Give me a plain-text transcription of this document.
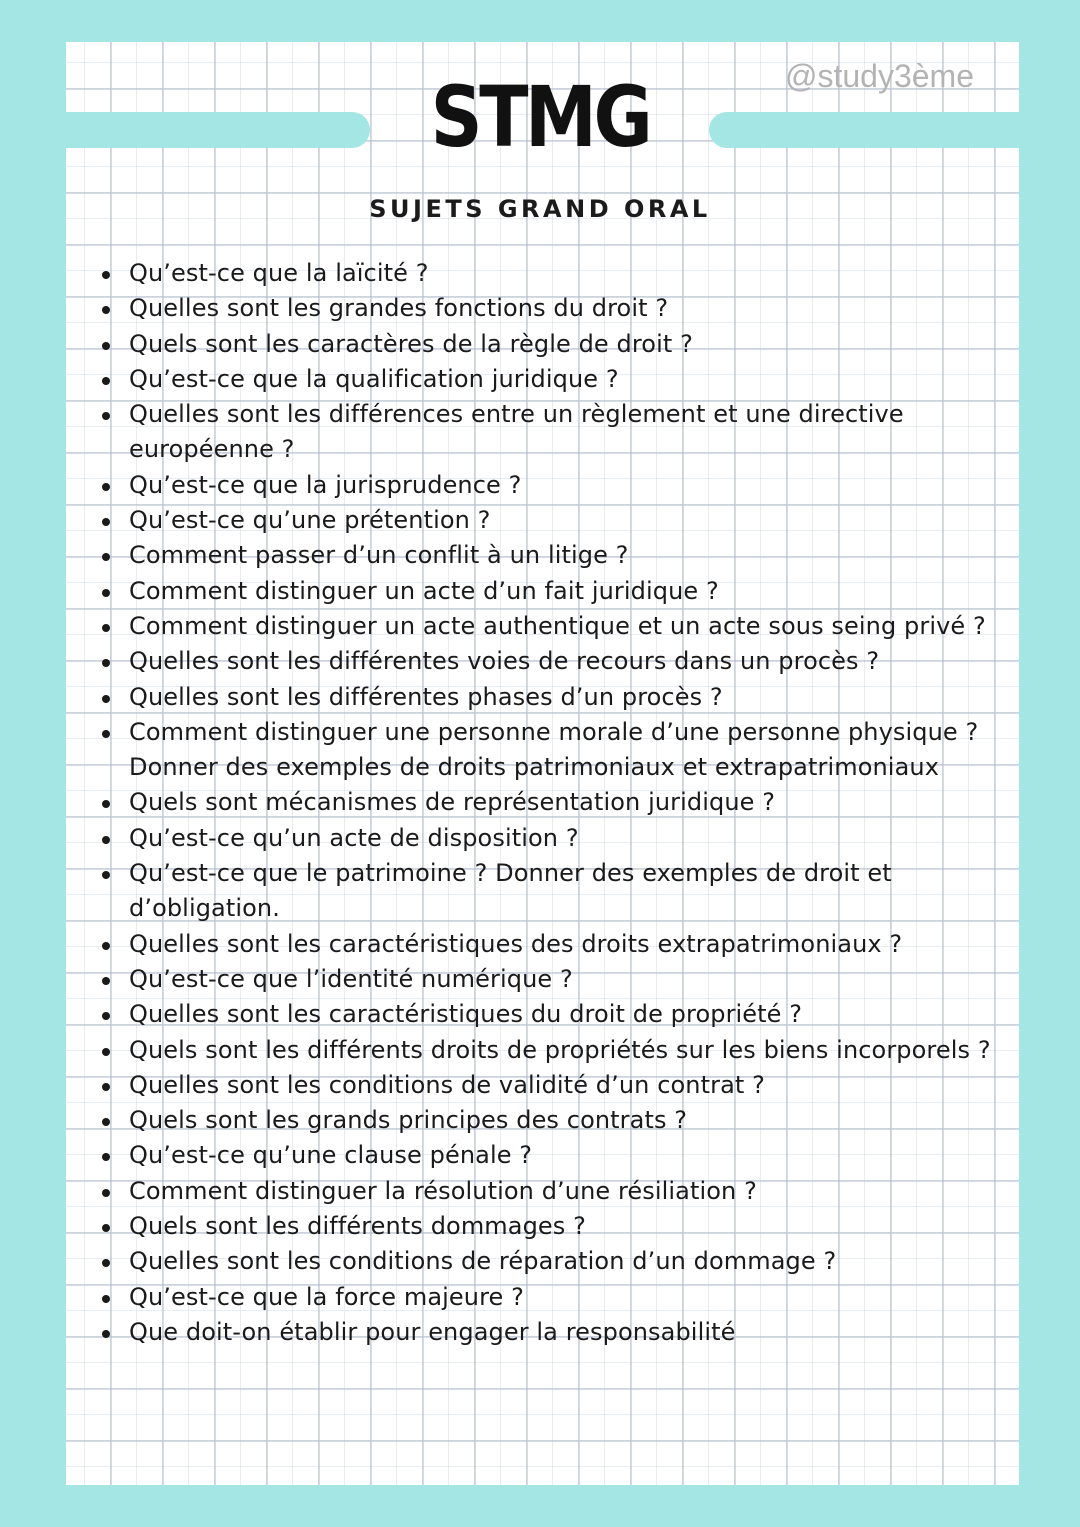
STMG	@study3ème
SUJETS GRAND ORAL
Qu’est-ce que la laïcité ?
Quelles sont les grandes fonctions du droit ?
Quels sont les caractères de la règle de droit ?
Qu’est-ce que la qualification juridique ?
Quelles sont les différences entre un règlement et une directive européenne ?
Qu’est-ce que la jurisprudence ?
Qu’est-ce qu’une prétention ?
Comment passer d’un conflit à un litige ?
Comment distinguer un acte d’un fait juridique ?
Comment distinguer un acte authentique et un acte sous seing privé ?
Quelles sont les différentes voies de recours dans un procès ?
Quelles sont les différentes phases d’un procès ?
Comment distinguer une personne morale d’une personne physique ? Donner des exemples de droits patrimoniaux et extrapatrimoniaux
Quels sont mécanismes de représentation juridique ?
Qu’est-ce qu’un acte de disposition ?
Qu’est-ce que le patrimoine ? Donner des exemples de droit et d’obligation.
Quelles sont les caractéristiques des droits extrapatrimoniaux ?
Qu’est-ce que l’identité numérique ?
Quelles sont les caractéristiques du droit de propriété ?
Quels sont les différents droits de propriétés sur les biens incorporels ?
Quelles sont les conditions de validité d’un contrat ?
Quels sont les grands principes des contrats ?
Qu’est-ce qu’une clause pénale ?
Comment distinguer la résolution d’une résiliation ?
Quels sont les différents dommages ?
Quelles sont les conditions de réparation d’un dommage ?
Qu’est-ce que la force majeure ?
Que doit-on établir pour engager la responsabilité
